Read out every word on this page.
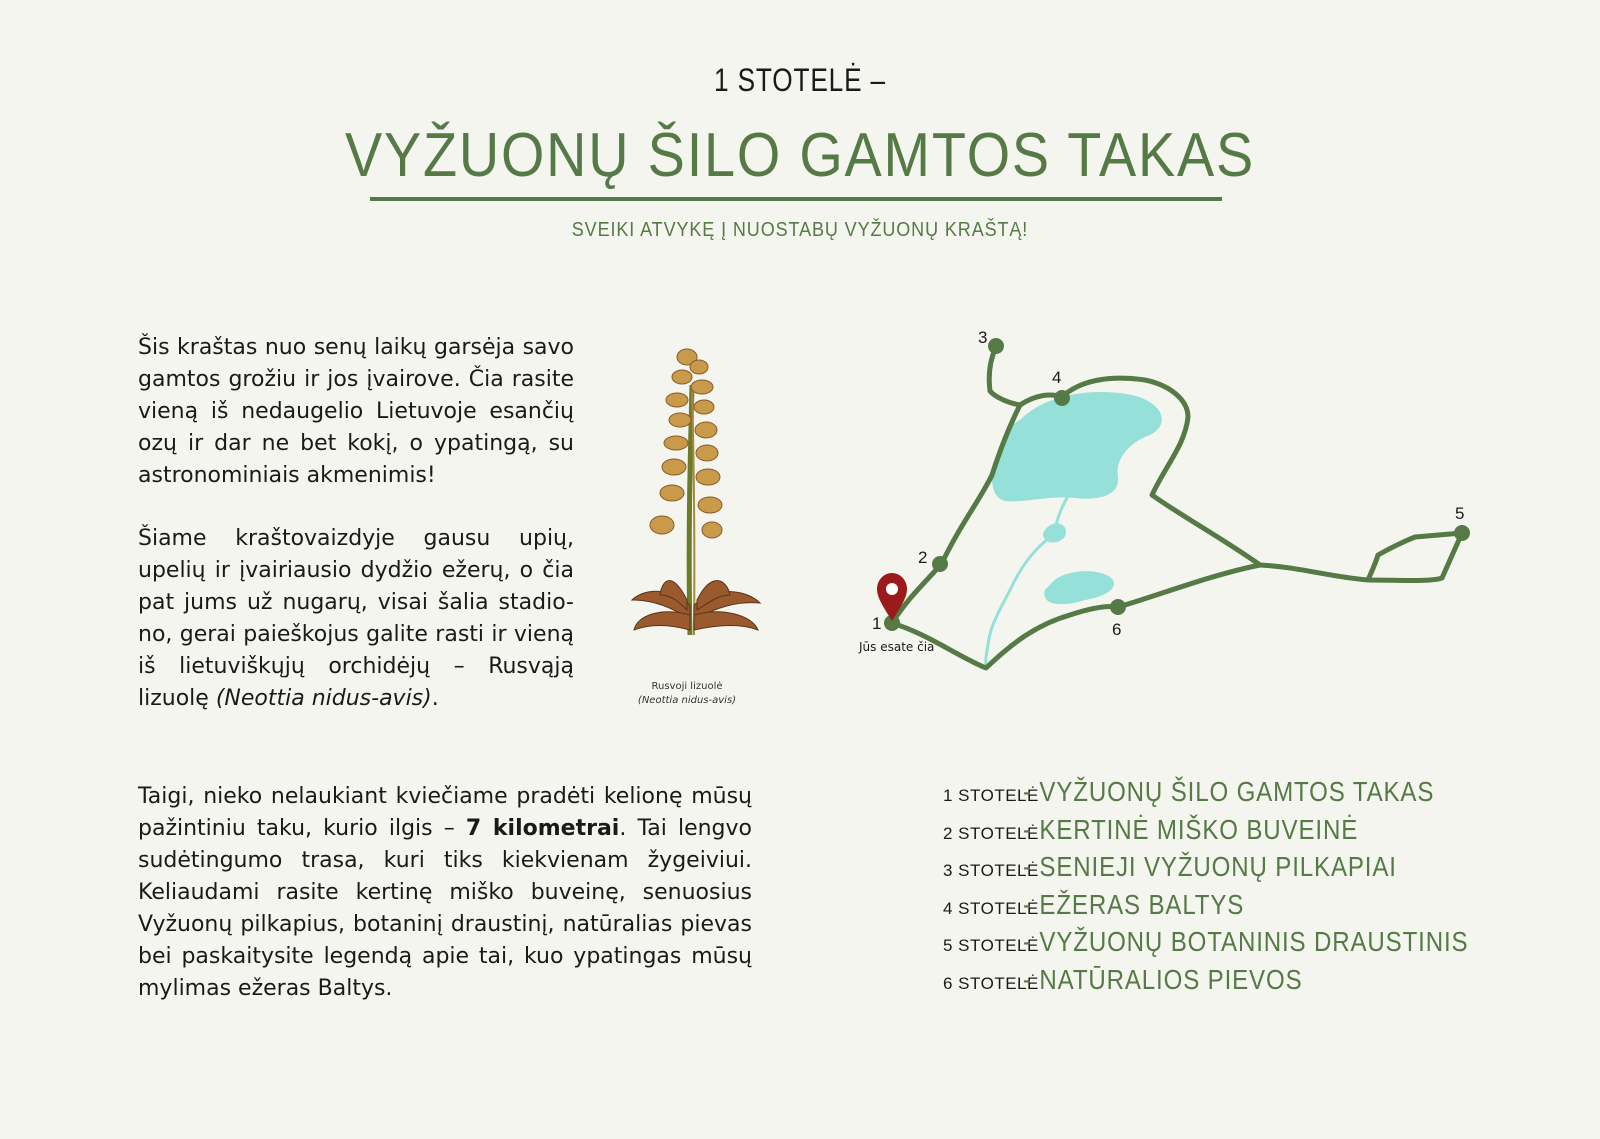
1 STOTELĖ –
VYŽUONŲ ŠILO GAMTOS TAKAS
SVEIKI ATVYKĘ Į NUOSTABŲ VYŽUONŲ KRAŠTĄ!

Šis kraštas nuo senų laikų garsėja savo gamtos grožiu ir jos įvairove. Čia rasite vieną iš nedaugelio Lietuvoje esančių ozų ir dar ne bet kokį, o ypatingą, su astronominiais akmenimis!

Šiame kraštovaizdyje gausu upių, upelių ir įvairiausio dydžio ežerų, o čia pat jums už nugarų, visai šalia stadio-no, gerai paieškojus galite rasti ir vieną iš lietuviškųjų orchidėjų – Rusvąją lizuolę (Neottia nidus-avis).

Taigi, nieko nelaukiant kviečiame pradėti kelionę mūsų pažintiniu taku, kurio ilgis – 7 kilometrai. Tai lengvo sudėtingumo trasa, kuri tiks kiekvienam žygeiviui. Keliaudami rasite kertinę miško buveinę, senuosius Vyžuonų pilkapius, botaninį draustinį, natūralias pievas bei paskaitysite legendą apie tai, kuo ypatingas mūsų mylimas ežeras Baltys.

Rusvoji lizuolė
(Neottia nidus-avis)
1
2
3
4
5
6
Jūs esate čia
1 STOTELĖ
- VYŽUONŲ ŠILO GAMTOS TAKAS
2 STOTELĖ
- KERTINĖ MIŠKO BUVEINĖ
3 STOTELĖ
- SENIEJI VYŽUONŲ PILKAPIAI
4 STOTELĖ
- EŽERAS BALTYS
5 STOTELĖ
- VYŽUONŲ BOTANINIS DRAUSTINIS
6 STOTELĖ
- NATŪRALIOS PIEVOS
